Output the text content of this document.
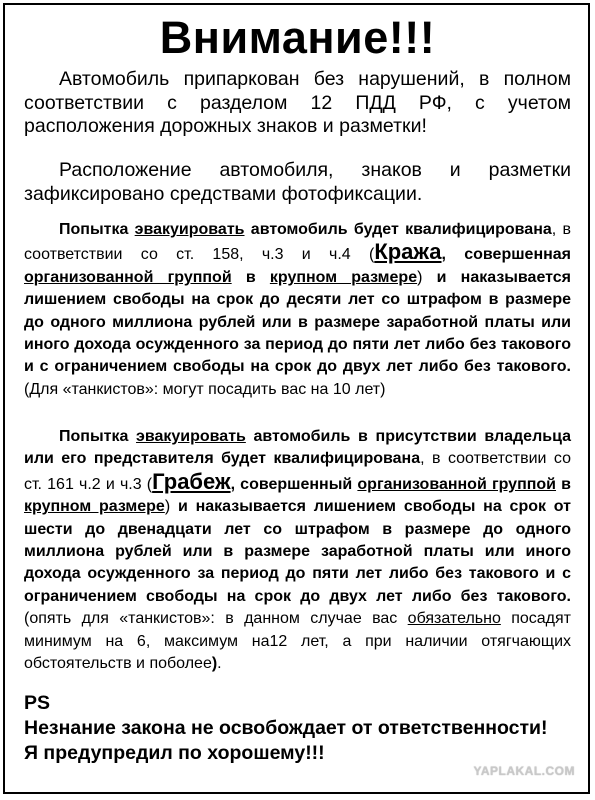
Внимание!!!
Автомобиль припаркован без нарушений, в полном соответствии с разделом 12 ПДД РФ, с учетом расположения дорожных знаков и разметки!
Расположение автомобиля, знаков и разметки зафиксировано средствами фотофиксации.
Попытка эвакуировать автомобиль будет квалифицирована, в соответствии со ст. 158, ч.3 и ч.4 (Кража, совершенная организованной группой в крупном размере) и наказывается лишением свободы на срок до десяти лет со штрафом в размере до одного миллиона рублей или в размере заработной платы или иного дохода осужденного за период до пяти лет либо без такового и с ограничением свободы на срок до двух лет либо без такового. (Для «танкистов»: могут посадить вас на 10 лет)
Попытка эвакуировать автомобиль в присутствии владельца или его представителя будет квалифицирована, в соответствии со ст. 161 ч.2 и ч.3 (Грабеж, совершенный организованной группой в крупном размере) и наказывается лишением свободы на срок от шести до двенадцати лет со штрафом в размере до одного миллиона рублей или в размере заработной платы или иного дохода осужденного за период до пяти лет либо без такового и с ограничением свободы на срок до двух лет либо без такового. (опять для «танкистов»: в данном случае вас обязательно посадят минимум на 6, максимум на12 лет, а при наличии отягчающих обстоятельств и поболее).
PS
Незнание закона не освобождает от ответственности!
Я предупредил по хорошему!!!
YAPLAKAL.COM
